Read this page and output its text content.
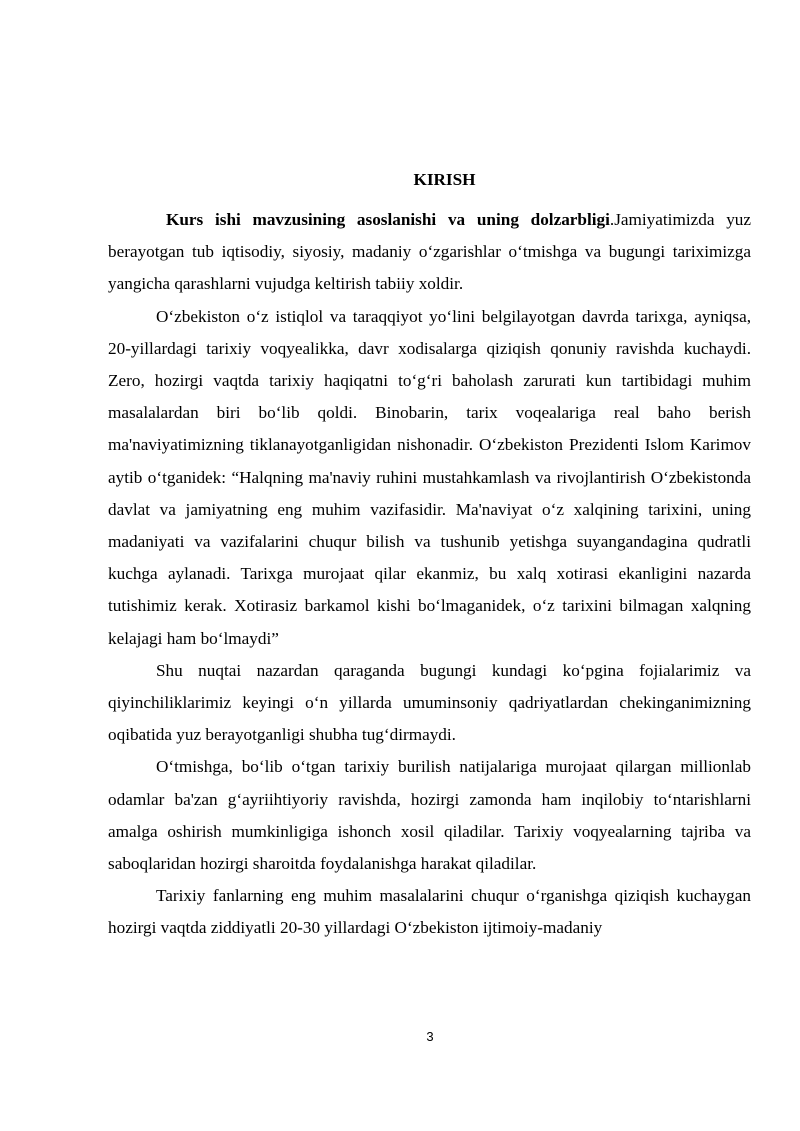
KIRISH

Kurs ishi mavzusining asoslanishi va uning dolzarbligi.Jamiyatimizda yuz berayotgan tub iqtisodiy, siyosiy, madaniy o‘zgarishlar o‘tmishga va bugungi tariximizga yangicha qarashlarni vujudga keltirish tabiiy xoldir.

O‘zbekiston o‘z istiqlol va taraqqiyot yo‘lini belgilayotgan davrda tarixga, ayniqsa, 20-yillardagi tarixiy voqyealikka, davr xodisalarga qiziqish qonuniy ravishda kuchaydi. Zero, hozirgi vaqtda tarixiy haqiqatni to‘g‘ri baholash zarurati kun tartibidagi muhim masalalardan biri bo‘lib qoldi. Binobarin, tarix voqealariga real baho berish ma'naviyatimizning tiklanayotganligidan nishonadir. O‘zbekiston Prezidenti Islom Karimov aytib o‘tganidek: “Halqning ma'naviy ruhini mustahkamlash va rivojlantirish O‘zbekistonda davlat va jamiyatning eng muhim vazifasidir. Ma'naviyat o‘z xalqining tarixini, uning madaniyati va vazifalarini chuqur bilish va tushunib yetishga suyangandagina qudratli kuchga aylanadi. Tarixga murojaat qilar ekanmiz, bu xalq xotirasi ekanligini nazarda tutishimiz kerak. Xotirasiz barkamol kishi bo‘lmaganidek, o‘z tarixini bilmagan xalqning kelajagi ham bo‘lmaydi”

Shu nuqtai nazardan qaraganda bugungi kundagi ko‘pgina fojialarimiz va qiyinchiliklarimiz keyingi o‘n yillarda umuminsoniy qadriyatlardan chekinganimizning oqibatida yuz berayotganligi shubha tug‘dirmaydi.

O‘tmishga, bo‘lib o‘tgan tarixiy burilish natijalariga murojaat qilargan millionlab odamlar ba'zan g‘ayriihtiyoriy ravishda, hozirgi zamonda ham inqilobiy to‘ntarishlarni amalga oshirish mumkinligiga ishonch xosil qiladilar. Tarixiy voqyealarning tajriba va saboqlaridan hozirgi sharoitda foydalanishga harakat qiladilar.

Tarixiy fanlarning eng muhim masalalarini chuqur o‘rganishga qiziqish kuchaygan hozirgi vaqtda ziddiyatli 20-30 yillardagi O‘zbekiston ijtimoiy-madaniy

3
